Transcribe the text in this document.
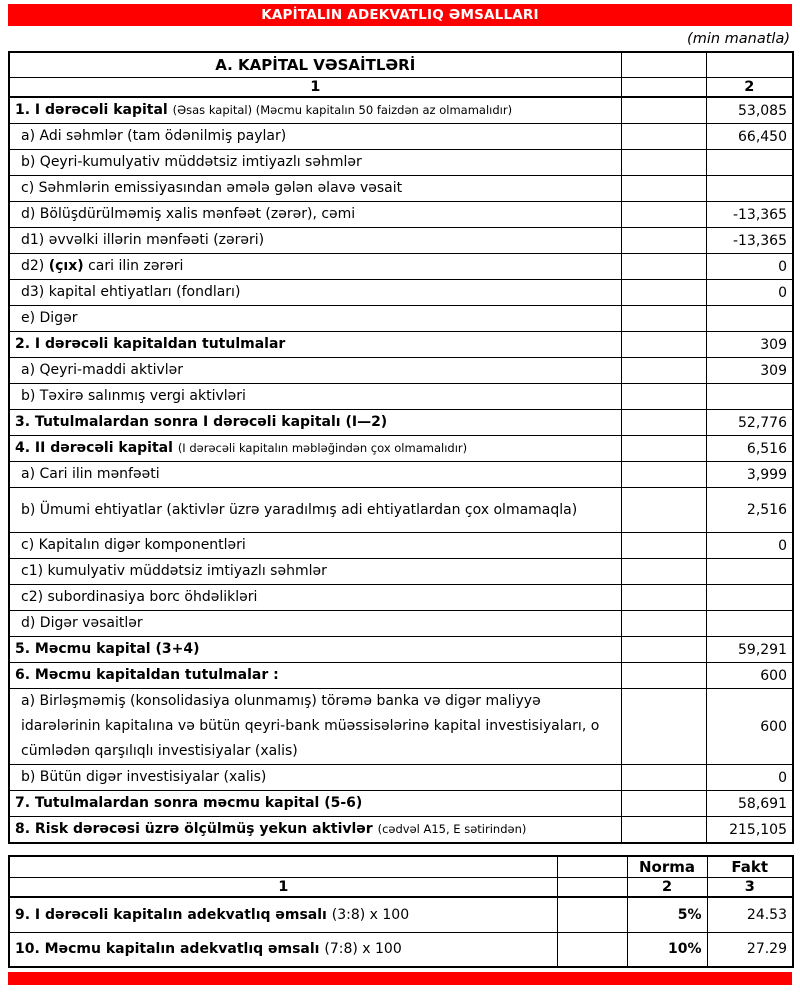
KAPİTALIN ADEKVATLIQ ƏMSALLARI
(min manatla)
A. KAPİTAL VƏSAİTLƏRİ		
1		2
1. I dərəcəli kapital (Əsas kapital) (Məcmu kapitalın 50 faizdən az olmamalıdır)		53,085
a) Adi səhmlər (tam ödənilmiş paylar)		66,450
b) Qeyri-kumulyativ müddətsiz imtiyazlı səhmlər		
c) Səhmlərin emissiyasından əmələ gələn əlavə vəsait		
d) Bölüşdürülməmiş xalis mənfəət (zərər), cəmi		-13,365
d1) əvvəlki illərin mənfəəti (zərəri)		-13,365
d2) (çıx) cari ilin zərəri		0
d3) kapital ehtiyatları (fondları)		0
e) Digər		
2. I dərəcəli kapitaldan tutulmalar		309
a) Qeyri-maddi aktivlər		309
b) Təxirə salınmış vergi aktivləri		
3. Tutulmalardan sonra I dərəcəli kapitalı (I—2)		52,776
4. II dərəcəli kapital (I dərəcəli kapitalın məbləğindən çox olmamalıdır)		6,516
a) Cari ilin mənfəəti		3,999
b) Ümumi ehtiyatlar (aktivlər üzrə yaradılmış adi ehtiyatlardan çox olmamaqla)		2,516
c) Kapitalın digər komponentləri		0
c1) kumulyativ müddətsiz imtiyazlı səhmlər		
c2) subordinasiya borc öhdəlikləri		
d) Digər vəsaitlər		
5. Məcmu kapital (3+4)		59,291
6. Məcmu kapitaldan tutulmalar :		600
a) Birləşməmiş (konsolidasiya olunmamış) törəmə banka və digər maliyyə idarələrinin kapitalına və bütün qeyri-bank müəssisələrinə kapital investisiyaları, o cümlədən qarşılıqlı investisiyalar (xalis)		600
b) Bütün digər investisiyalar (xalis)		0
7. Tutulmalardan sonra məcmu kapital (5-6)		58,691
8. Risk dərəcəsi üzrə ölçülmüş yekun aktivlər (cədvəl A15, E sətirindən)		215,105
		Norma	Fakt
1		2	3
9. I dərəcəli kapitalın adekvatlıq əmsalı (3:8) x 100		5%	24.53
10. Məcmu kapitalın adekvatlıq əmsalı (7:8) x 100		10%	27.29
